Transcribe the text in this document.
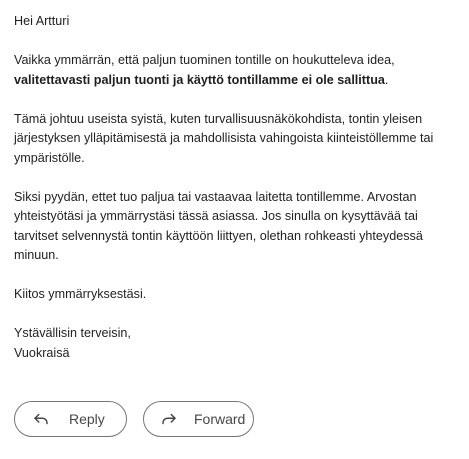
Hei Artturi

Vaikka ymmärrän, että paljun tuominen tontille on houkutteleva idea,
valitettavasti paljun tuonti ja käyttö tontillamme ei ole sallittua.

Tämä johtuu useista syistä, kuten turvallisuusnäkökohdista, tontin yleisen järjestyksen ylläpitämisestä ja mahdollisista vahingoista kiinteistöllemme tai ympäristölle.

Siksi pyydän, ettet tuo paljua tai vastaavaa laitetta tontillemme. Arvostan yhteistyötäsi ja ymmärrystäsi tässä asiassa. Jos sinulla on kysyttävää tai tarvitset selvennystä tontin käyttöön liittyen, olethan rohkeasti yhteydessä minuun.

Kiitos ymmärryksestäsi.

Ystävällisin terveisin,
Vuokraisä

Reply	Forward
